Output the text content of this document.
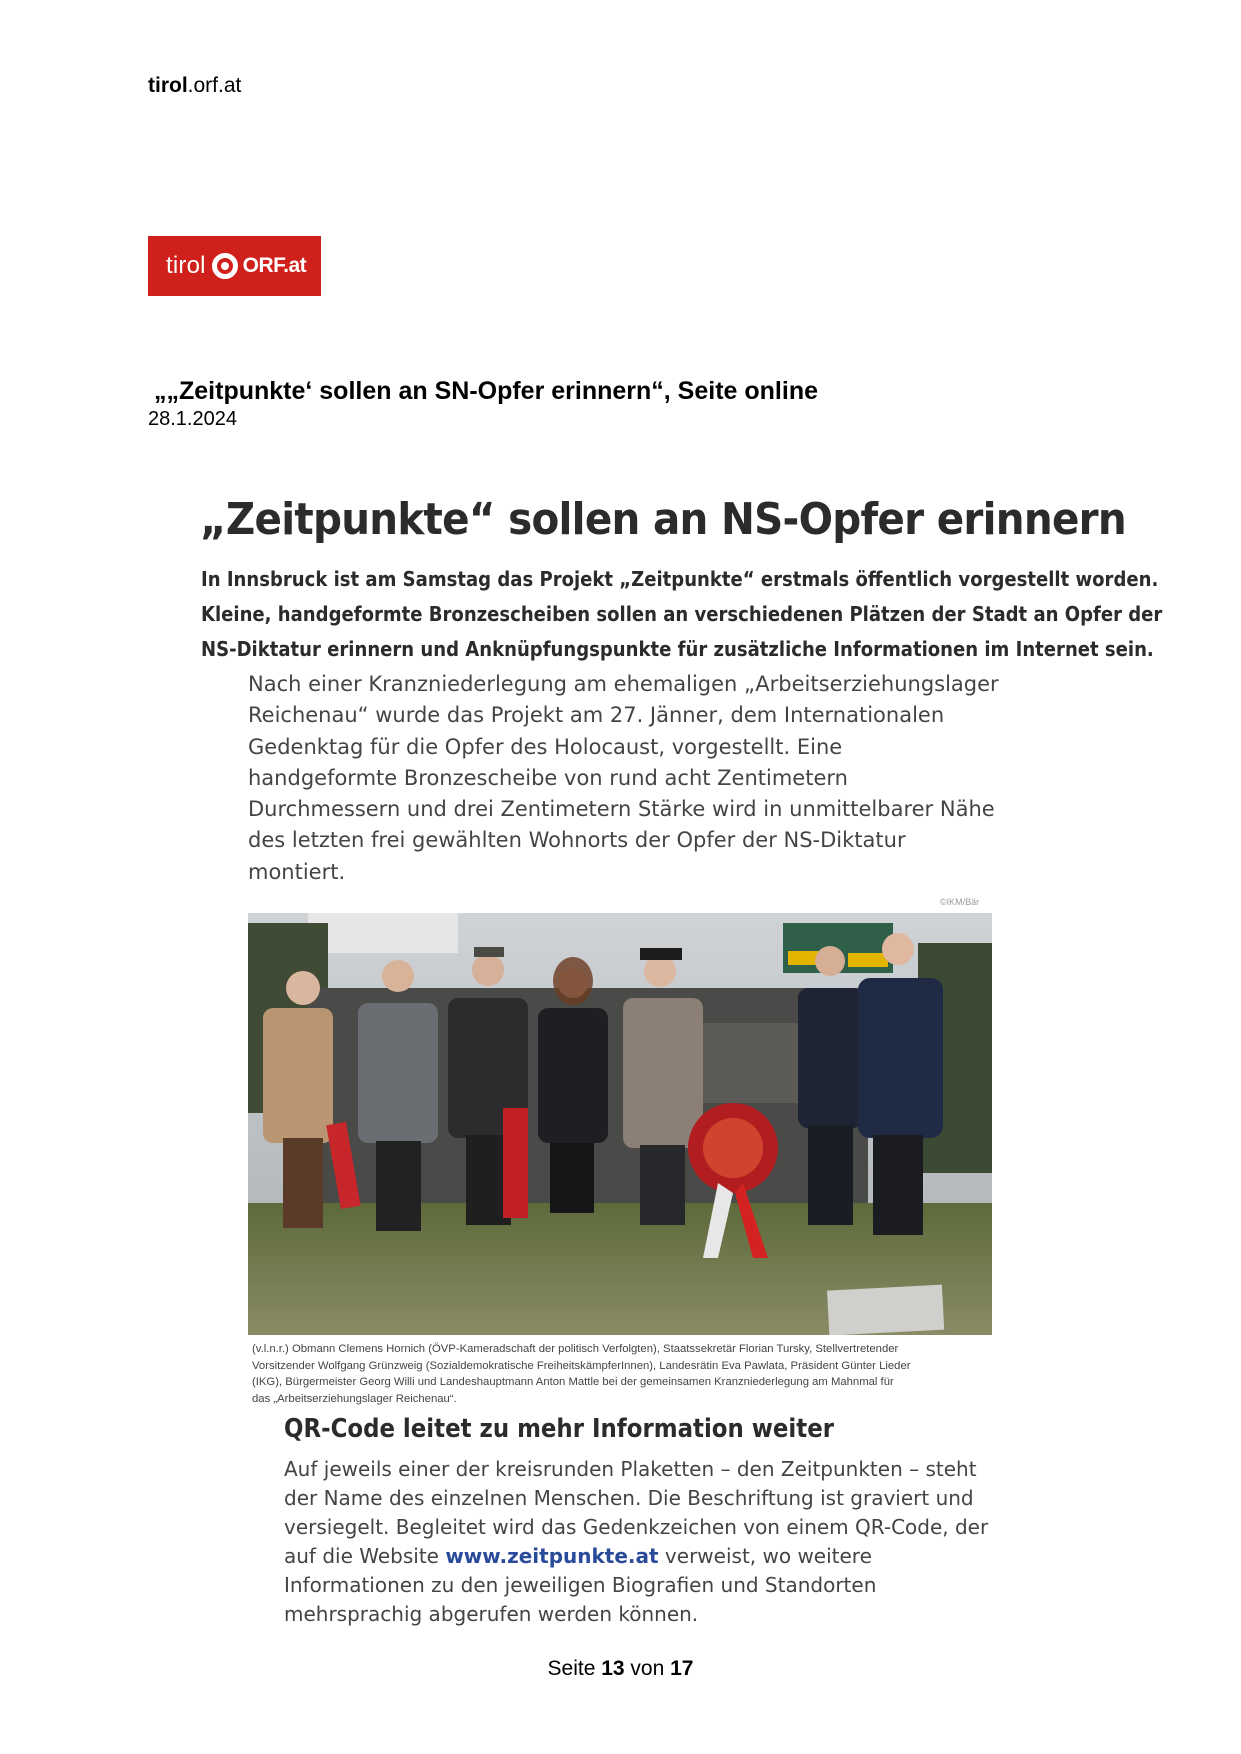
tirol.orf.at
tirol ORF.at
„„Zeitpunkte‘ sollen an SN-Opfer erinnern“, Seite online
28.1.2024
„Zeitpunkte“ sollen an NS-Opfer erinnern
In Innsbruck ist am Samstag das Projekt „Zeitpunkte“ erstmals öffentlich vorgestellt worden.
Kleine, handgeformte Bronzescheiben sollen an verschiedenen Plätzen der Stadt an Opfer der
NS-Diktatur erinnern und Anknüpfungspunkte für zusätzliche Informationen im Internet sein.
Nach einer Kranzniederlegung am ehemaligen „Arbeitserziehungslager
Reichenau“ wurde das Projekt am 27. Jänner, dem Internationalen
Gedenktag für die Opfer des Holocaust, vorgestellt. Eine
handgeformte Bronzescheibe von rund acht Zentimetern
Durchmessern und drei Zentimetern Stärke wird in unmittelbarer Nähe
des letzten frei gewählten Wohnorts der Opfer der NS-Diktatur
montiert.
©IKM/Bär
(v.l.n.r.) Obmann Clemens Hornich (ÖVP-Kameradschaft der politisch Verfolgten), Staatssekretär Florian Tursky, Stellvertretender
Vorsitzender Wolfgang Grünzweig (Sozialdemokratische FreiheitskämpferInnen), Landesrätin Eva Pawlata, Präsident Günter Lieder
(IKG), Bürgermeister Georg Willi und Landeshauptmann Anton Mattle bei der gemeinsamen Kranzniederlegung am Mahnmal für
das „Arbeitserziehungslager Reichenau“.
QR-Code leitet zu mehr Information weiter
Auf jeweils einer der kreisrunden Plaketten – den Zeitpunkten – steht
der Name des einzelnen Menschen. Die Beschriftung ist graviert und
versiegelt. Begleitet wird das Gedenkzeichen von einem QR-Code, der
auf die Website www.zeitpunkte.at verweist, wo weitere
Informationen zu den jeweiligen Biografien und Standorten
mehrsprachig abgerufen werden können.
Seite 13 von 17
